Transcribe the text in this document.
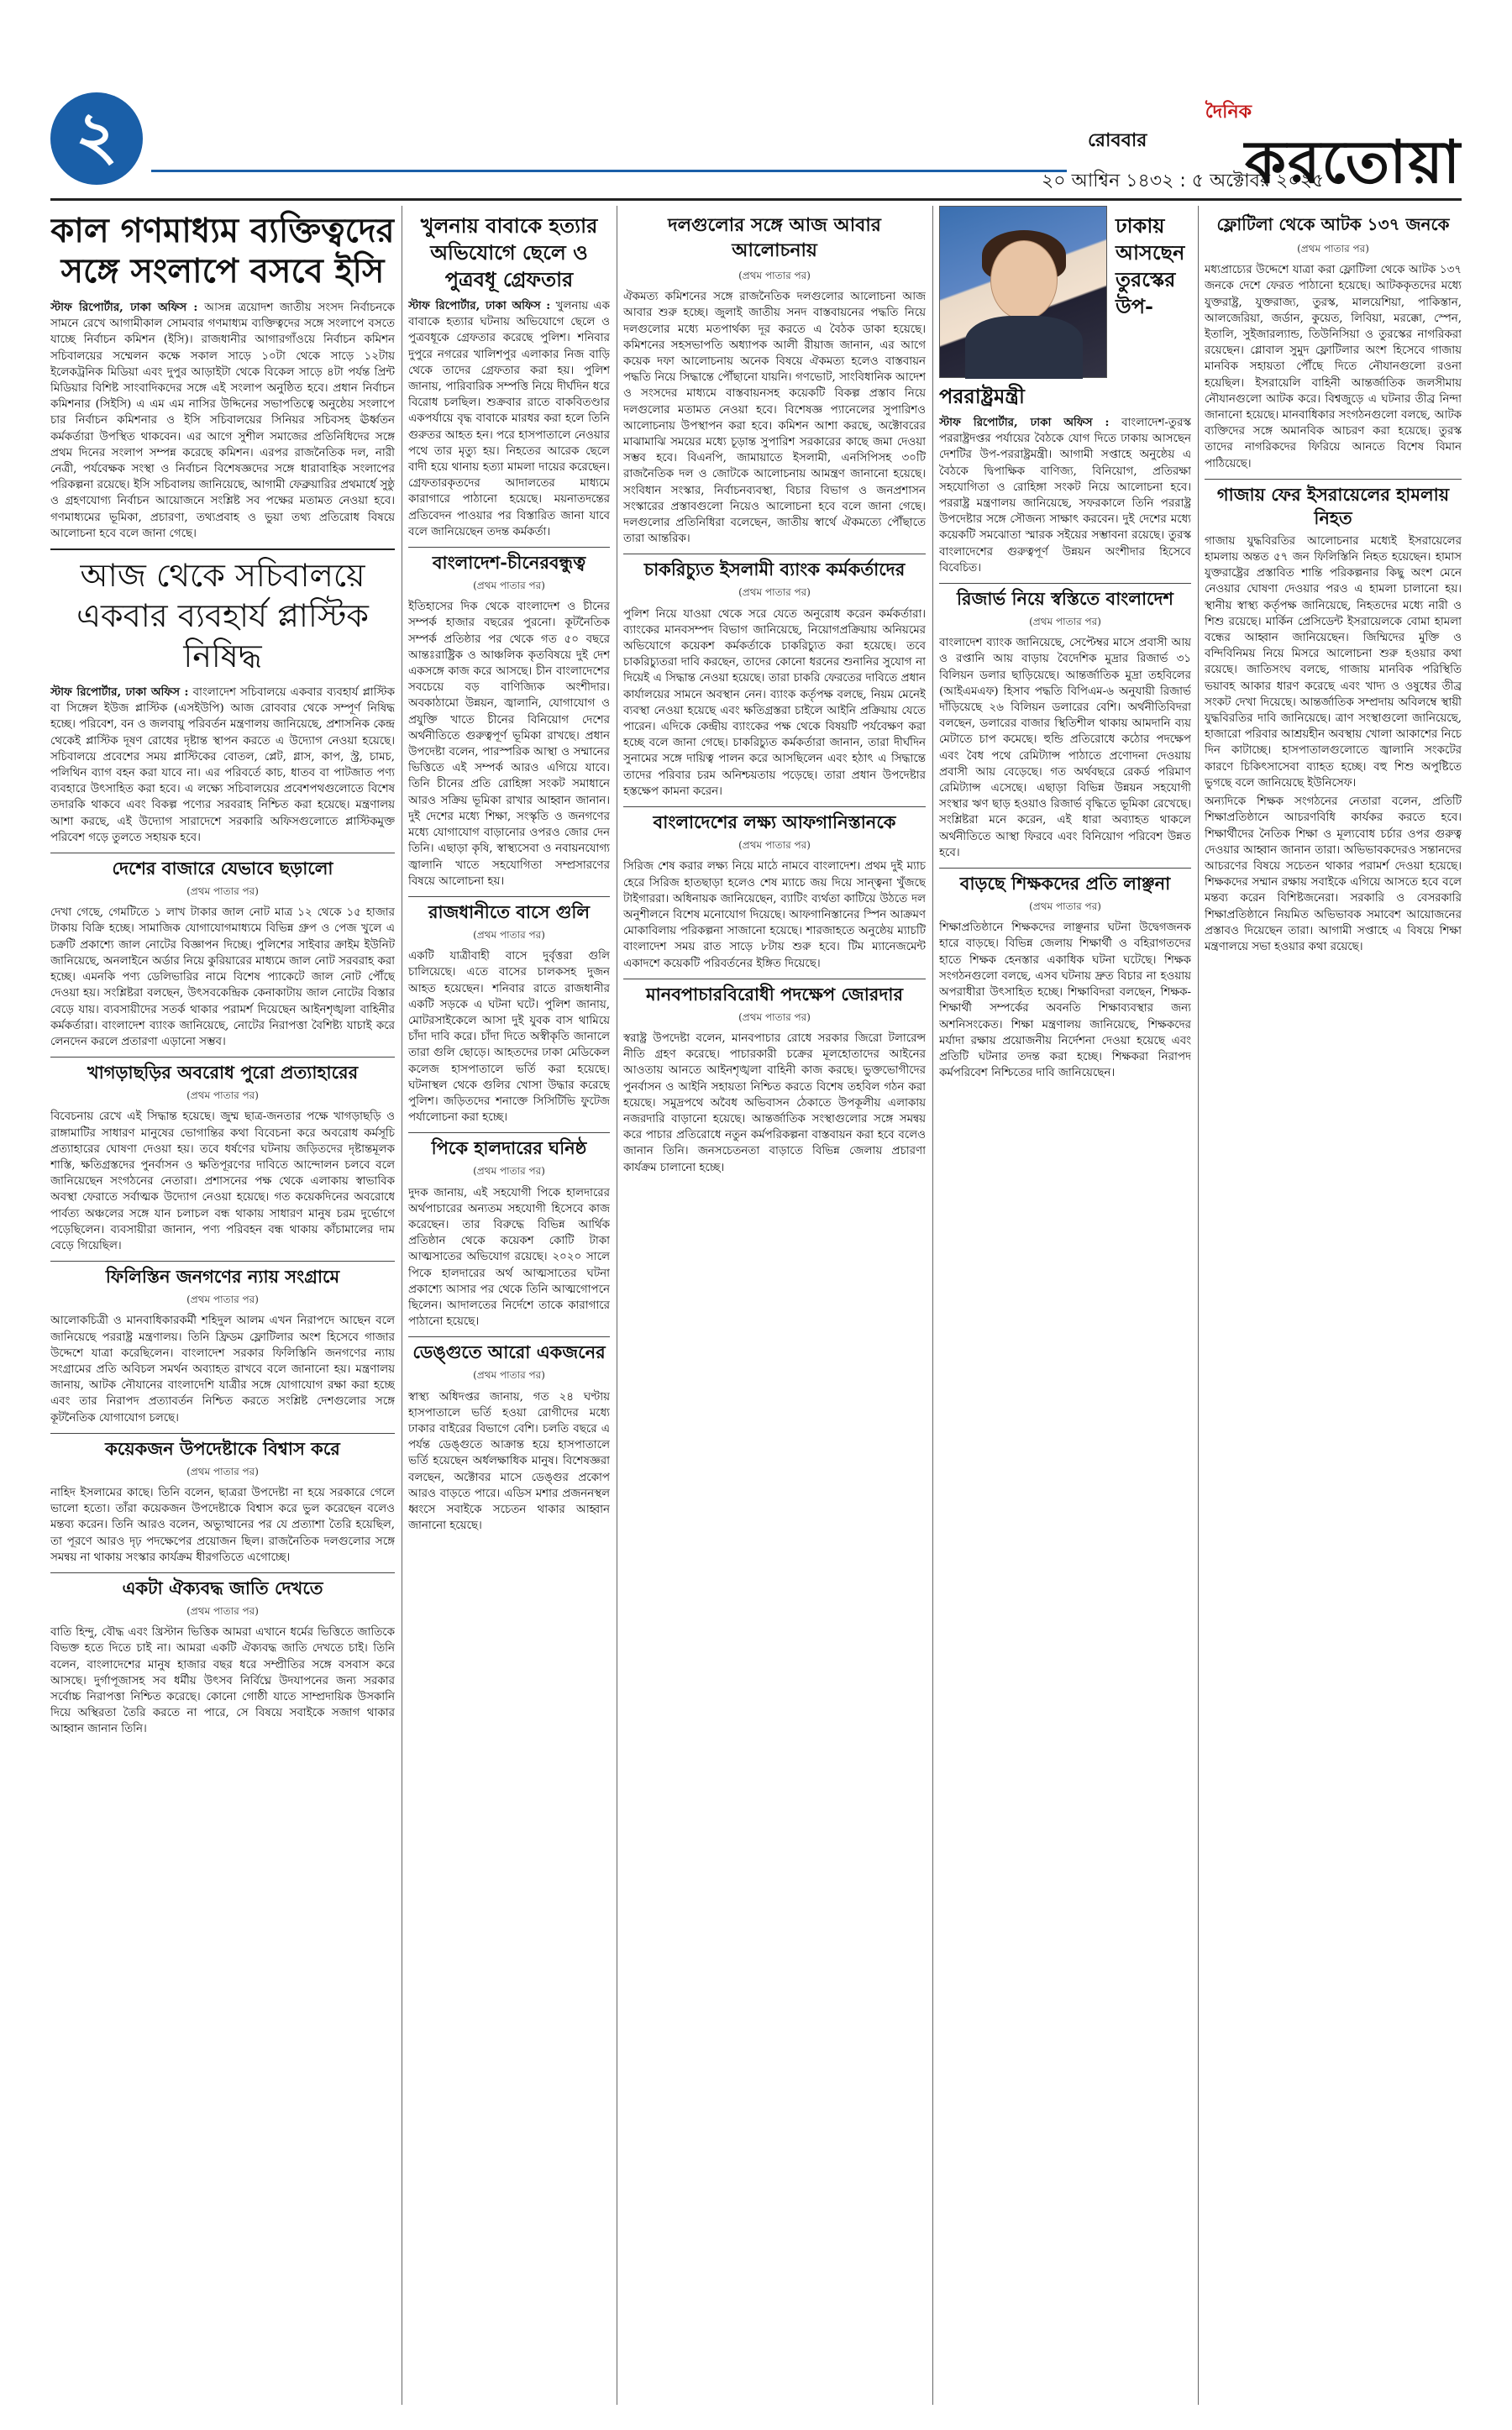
২	রোববার
২০ আশ্বিন ১৪৩২ : ৫ অক্টোবর ২০২৫
দৈনিক
করতোয়া
কাল গণমাধ্যম ব্যক্তিত্বদের সঙ্গে সংলাপে বসবে ইসি

স্টাফ রিপোর্টার, ঢাকা অফিস : আসন্ন ত্রয়োদশ জাতীয় সংসদ নির্বাচনকে সামনে রেখে আগামীকাল সোমবার গণমাধ্যম ব্যক্তিত্বদের সঙ্গে সংলাপে বসতে যাচ্ছে নির্বাচন কমিশন (ইসি)। রাজধানীর আগারগাঁওয়ে নির্বাচন কমিশন সচিবালয়ের সম্মেলন কক্ষে সকাল সাড়ে ১০টা থেকে সাড়ে ১২টায় ইলেকট্রনিক মিডিয়া এবং দুপুর আড়াইটা থেকে বিকেল সাড়ে ৪টা পর্যন্ত প্রিন্ট মিডিয়ার বিশিষ্ট সাংবাদিকদের সঙ্গে এই সংলাপ অনুষ্ঠিত হবে। প্রধান নির্বাচন কমিশনার (সিইসি) এ এম এম নাসির উদ্দিনের সভাপতিত্বে অনুষ্ঠেয় সংলাপে চার নির্বাচন কমিশনার ও ইসি সচিবালয়ের সিনিয়র সচিবসহ ঊর্ধ্বতন কর্মকর্তারা উপস্থিত থাকবেন। এর আগে সুশীল সমাজের প্রতিনিধিদের সঙ্গে প্রথম দিনের সংলাপ সম্পন্ন করেছে কমিশন। এরপর রাজনৈতিক দল, নারী নেত্রী, পর্যবেক্ষক সংস্থা ও নির্বাচন বিশেষজ্ঞদের সঙ্গে ধারাবাহিক সংলাপের পরিকল্পনা রয়েছে। ইসি সচিবালয় জানিয়েছে, আগামী ফেব্রুয়ারির প্রথমার্ধে সুষ্ঠু ও গ্রহণযোগ্য নির্বাচন আয়োজনে সংশ্লিষ্ট সব পক্ষের মতামত নেওয়া হবে। গণমাধ্যমের ভূমিকা, প্রচারণা, তথ্যপ্রবাহ ও ভুয়া তথ্য প্রতিরোধ বিষয়ে আলোচনা হবে বলে জানা গেছে।

আজ থেকে সচিবালয়ে একবার ব্যবহার্য প্লাস্টিক নিষিদ্ধ

স্টাফ রিপোর্টার, ঢাকা অফিস : বাংলাদেশ সচিবালয়ে একবার ব্যবহার্য প্লাস্টিক বা সিঙ্গেল ইউজ প্লাস্টিক (এসইউপি) আজ রোববার থেকে সম্পূর্ণ নিষিদ্ধ হচ্ছে। পরিবেশ, বন ও জলবায়ু পরিবর্তন মন্ত্রণালয় জানিয়েছে, প্রশাসনিক কেন্দ্র থেকেই প্লাস্টিক দূষণ রোধের দৃষ্টান্ত স্থাপন করতে এ উদ্যোগ নেওয়া হয়েছে। সচিবালয়ে প্রবেশের সময় প্লাস্টিকের বোতল, প্লেট, গ্লাস, কাপ, স্ট্র, চামচ, পলিথিন ব্যাগ বহন করা যাবে না। এর পরিবর্তে কাচ, ধাতব বা পাটজাত পণ্য ব্যবহারে উৎসাহিত করা হবে। এ লক্ষ্যে সচিবালয়ের প্রবেশপথগুলোতে বিশেষ তদারকি থাকবে এবং বিকল্প পণ্যের সরবরাহ নিশ্চিত করা হয়েছে। মন্ত্রণালয় আশা করছে, এই উদ্যোগ সারাদেশে সরকারি অফিসগুলোতে প্লাস্টিকমুক্ত পরিবেশ গড়ে তুলতে সহায়ক হবে।

দেশের বাজারে যেভাবে ছড়ালো

(প্রথম পাতার পর)

দেখা গেছে, গেমটিতে ১ লাখ টাকার জাল নোট মাত্র ১২ থেকে ১৫ হাজার টাকায় বিক্রি হচ্ছে। সামাজিক যোগাযোগমাধ্যমে বিভিন্ন গ্রুপ ও পেজ খুলে এ চক্রটি প্রকাশ্যে জাল নোটের বিজ্ঞাপন দিচ্ছে। পুলিশের সাইবার ক্রাইম ইউনিট জানিয়েছে, অনলাইনে অর্ডার নিয়ে কুরিয়ারের মাধ্যমে জাল নোট সরবরাহ করা হচ্ছে। এমনকি পণ্য ডেলিভারির নামে বিশেষ প্যাকেটে জাল নোট পৌঁছে দেওয়া হয়। সংশ্লিষ্টরা বলছেন, উৎসবকেন্দ্রিক কেনাকাটায় জাল নোটের বিস্তার বেড়ে যায়। ব্যবসায়ীদের সতর্ক থাকার পরামর্শ দিয়েছেন আইনশৃঙ্খলা বাহিনীর কর্মকর্তারা। বাংলাদেশ ব্যাংক জানিয়েছে, নোটের নিরাপত্তা বৈশিষ্ট্য যাচাই করে লেনদেন করলে প্রতারণা এড়ানো সম্ভব।

খাগড়াছড়ির অবরোধ পুরো প্রত্যাহারের

(প্রথম পাতার পর)

বিবেচনায় রেখে এই সিদ্ধান্ত হয়েছে। জুম্ম ছাত্র-জনতার পক্ষে খাগড়াছড়ি ও রাঙ্গামাটির সাধারণ মানুষের ভোগান্তির কথা বিবেচনা করে অবরোধ কর্মসূচি প্রত্যাহারের ঘোষণা দেওয়া হয়। তবে ধর্ষণের ঘটনায় জড়িতদের দৃষ্টান্তমূলক শাস্তি, ক্ষতিগ্রস্তদের পুনর্বাসন ও ক্ষতিপূরণের দাবিতে আন্দোলন চলবে বলে জানিয়েছেন সংগঠনের নেতারা। প্রশাসনের পক্ষ থেকে এলাকায় স্বাভাবিক অবস্থা ফেরাতে সর্বাত্মক উদ্যোগ নেওয়া হয়েছে। গত কয়েকদিনের অবরোধে পার্বত্য অঞ্চলের সঙ্গে যান চলাচল বন্ধ থাকায় সাধারণ মানুষ চরম দুর্ভোগে পড়েছিলেন। ব্যবসায়ীরা জানান, পণ্য পরিবহন বন্ধ থাকায় কাঁচামালের দাম বেড়ে গিয়েছিল।

ফিলিস্তিন জনগণের ন্যায় সংগ্রামে

(প্রথম পাতার পর)

আলোকচিত্রী ও মানবাধিকারকর্মী শহিদুল আলম এখন নিরাপদে আছেন বলে জানিয়েছে পররাষ্ট্র মন্ত্রণালয়। তিনি ফ্রিডম ফ্লোটিলার অংশ হিসেবে গাজার উদ্দেশে যাত্রা করেছিলেন। বাংলাদেশ সরকার ফিলিস্তিনি জনগণের ন্যায় সংগ্রামের প্রতি অবিচল সমর্থন অব্যাহত রাখবে বলে জানানো হয়। মন্ত্রণালয় জানায়, আটক নৌযানের বাংলাদেশি যাত্রীর সঙ্গে যোগাযোগ রক্ষা করা হচ্ছে এবং তার নিরাপদ প্রত্যাবর্তন নিশ্চিত করতে সংশ্লিষ্ট দেশগুলোর সঙ্গে কূটনৈতিক যোগাযোগ চলছে।

কয়েকজন উপদেষ্টাকে বিশ্বাস করে

(প্রথম পাতার পর)

নাহিদ ইসলামের কাছে। তিনি বলেন, ছাত্ররা উপদেষ্টা না হয়ে সরকারে গেলে ভালো হতো। তাঁরা কয়েকজন উপদেষ্টাকে বিশ্বাস করে ভুল করেছেন বলেও মন্তব্য করেন। তিনি আরও বলেন, অভ্যুত্থানের পর যে প্রত্যাশা তৈরি হয়েছিল, তা পূরণে আরও দৃঢ় পদক্ষেপের প্রয়োজন ছিল। রাজনৈতিক দলগুলোর সঙ্গে সমন্বয় না থাকায় সংস্কার কার্যক্রম ধীরগতিতে এগোচ্ছে।

একটা ঐক্যবদ্ধ জাতি দেখতে

(প্রথম পাতার পর)

বাতি হিন্দু, বৌদ্ধ এবং খ্রিস্টান ভিত্তিক আমরা এখানে ধর্মের ভিত্তিতে জাতিকে বিভক্ত হতে দিতে চাই না। আমরা একটি ঐক্যবদ্ধ জাতি দেখতে চাই। তিনি বলেন, বাংলাদেশের মানুষ হাজার বছর ধরে সম্প্রীতির সঙ্গে বসবাস করে আসছে। দুর্গাপূজাসহ সব ধর্মীয় উৎসব নির্বিঘ্নে উদযাপনের জন্য সরকার সর্বোচ্চ নিরাপত্তা নিশ্চিত করেছে। কোনো গোষ্ঠী যাতে সাম্প্রদায়িক উসকানি দিয়ে অস্থিরতা তৈরি করতে না পারে, সে বিষয়ে সবাইকে সজাগ থাকার আহ্বান জানান তিনি।

খুলনায় বাবাকে হত্যার অভিযোগে ছেলে ও পুত্রবধূ গ্রেফতার

স্টাফ রিপোর্টার, ঢাকা অফিস : খুলনায় এক বাবাকে হত্যার ঘটনায় অভিযোগে ছেলে ও পুত্রবধূকে গ্রেফতার করেছে পুলিশ। শনিবার দুপুরে নগরের খালিশপুর এলাকার নিজ বাড়ি থেকে তাদের গ্রেফতার করা হয়। পুলিশ জানায়, পারিবারিক সম্পত্তি নিয়ে দীর্ঘদিন ধরে বিরোধ চলছিল। শুক্রবার রাতে বাকবিতণ্ডার একপর্যায়ে বৃদ্ধ বাবাকে মারধর করা হলে তিনি গুরুতর আহত হন। পরে হাসপাতালে নেওয়ার পথে তার মৃত্যু হয়। নিহতের আরেক ছেলে বাদী হয়ে থানায় হত্যা মামলা দায়ের করেছেন। গ্রেফতারকৃতদের আদালতের মাধ্যমে কারাগারে পাঠানো হয়েছে। ময়নাতদন্তের প্রতিবেদন পাওয়ার পর বিস্তারিত জানা যাবে বলে জানিয়েছেন তদন্ত কর্মকর্তা।

বাংলাদেশ-চীনেরবন্ধুত্ব

(প্রথম পাতার পর)

ইতিহাসের দিক থেকে বাংলাদেশ ও চীনের সম্পর্ক হাজার বছরের পুরনো। কূটনৈতিক সম্পর্ক প্রতিষ্ঠার পর থেকে গত ৫০ বছরে আন্তঃরাষ্ট্রিক ও আঞ্চলিক কৃতবিষয়ে দুই দেশ একসঙ্গে কাজ করে আসছে। চীন বাংলাদেশের সবচেয়ে বড় বাণিজ্যিক অংশীদার। অবকাঠামো উন্নয়ন, জ্বালানি, যোগাযোগ ও প্রযুক্তি খাতে চীনের বিনিয়োগ দেশের অর্থনীতিতে গুরুত্বপূর্ণ ভূমিকা রাখছে। প্রধান উপদেষ্টা বলেন, পারস্পরিক আস্থা ও সম্মানের ভিত্তিতে এই সম্পর্ক আরও এগিয়ে যাবে। তিনি চীনের প্রতি রোহিঙ্গা সংকট সমাধানে আরও সক্রিয় ভূমিকা রাখার আহ্বান জানান। দুই দেশের মধ্যে শিক্ষা, সংস্কৃতি ও জনগণের মধ্যে যোগাযোগ বাড়ানোর ওপরও জোর দেন তিনি। এছাড়া কৃষি, স্বাস্থ্যসেবা ও নবায়নযোগ্য জ্বালানি খাতে সহযোগিতা সম্প্রসারণের বিষয়ে আলোচনা হয়।

রাজধানীতে বাসে গুলি

(প্রথম পাতার পর)

একটি যাত্রীবাহী বাসে দুর্বৃত্তরা গুলি চালিয়েছে। এতে বাসের চালকসহ দুজন আহত হয়েছেন। শনিবার রাতে রাজধানীর একটি সড়কে এ ঘটনা ঘটে। পুলিশ জানায়, মোটরসাইকেলে আসা দুই যুবক বাস থামিয়ে চাঁদা দাবি করে। চাঁদা দিতে অস্বীকৃতি জানালে তারা গুলি ছোড়ে। আহতদের ঢাকা মেডিকেল কলেজ হাসপাতালে ভর্তি করা হয়েছে। ঘটনাস্থল থেকে গুলির খোসা উদ্ধার করেছে পুলিশ। জড়িতদের শনাক্তে সিসিটিভি ফুটেজ পর্যালোচনা করা হচ্ছে।

পিকে হালদারের ঘনিষ্ঠ

(প্রথম পাতার পর)

দুদক জানায়, এই সহযোগী পিকে হালদারের অর্থপাচারের অন্যতম সহযোগী হিসেবে কাজ করেছেন। তার বিরুদ্ধে বিভিন্ন আর্থিক প্রতিষ্ঠান থেকে কয়েকশ কোটি টাকা আত্মসাতের অভিযোগ রয়েছে। ২০২০ সালে পিকে হালদারের অর্থ আত্মসাতের ঘটনা প্রকাশ্যে আসার পর থেকে তিনি আত্মগোপনে ছিলেন। আদালতের নির্দেশে তাকে কারাগারে পাঠানো হয়েছে।

ডেঙ্গুতে আরো একজনের

(প্রথম পাতার পর)

স্বাস্থ্য অধিদপ্তর জানায়, গত ২৪ ঘণ্টায় হাসপাতালে ভর্তি হওয়া রোগীদের মধ্যে ঢাকার বাইরের বিভাগে বেশি। চলতি বছরে এ পর্যন্ত ডেঙ্গুতে আক্রান্ত হয়ে হাসপাতালে ভর্তি হয়েছেন অর্ধলক্ষাধিক মানুষ। বিশেষজ্ঞরা বলছেন, অক্টোবর মাসে ডেঙ্গুর প্রকোপ আরও বাড়তে পারে। এডিস মশার প্রজননস্থল ধ্বংসে সবাইকে সচেতন থাকার আহ্বান জানানো হয়েছে।

দলগুলোর সঙ্গে আজ আবার আলোচনায়

(প্রথম পাতার পর)

ঐকমত্য কমিশনের সঙ্গে রাজনৈতিক দলগুলোর আলোচনা আজ আবার শুরু হচ্ছে। জুলাই জাতীয় সনদ বাস্তবায়নের পদ্ধতি নিয়ে দলগুলোর মধ্যে মতপার্থক্য দূর করতে এ বৈঠক ডাকা হয়েছে। কমিশনের সহসভাপতি অধ্যাপক আলী রীয়াজ জানান, এর আগে কয়েক দফা আলোচনায় অনেক বিষয়ে ঐকমত্য হলেও বাস্তবায়ন পদ্ধতি নিয়ে সিদ্ধান্তে পৌঁছানো যায়নি। গণভোট, সাংবিধানিক আদেশ ও সংসদের মাধ্যমে বাস্তবায়নসহ কয়েকটি বিকল্প প্রস্তাব নিয়ে দলগুলোর মতামত নেওয়া হবে। বিশেষজ্ঞ প্যানেলের সুপারিশও আলোচনায় উপস্থাপন করা হবে। কমিশন আশা করছে, অক্টোবরের মাঝামাঝি সময়ের মধ্যে চূড়ান্ত সুপারিশ সরকারের কাছে জমা দেওয়া সম্ভব হবে। বিএনপি, জামায়াতে ইসলামী, এনসিপিসহ ৩০টি রাজনৈতিক দল ও জোটকে আলোচনায় আমন্ত্রণ জানানো হয়েছে। সংবিধান সংস্কার, নির্বাচনব্যবস্থা, বিচার বিভাগ ও জনপ্রশাসন সংস্কারের প্রস্তাবগুলো নিয়েও আলোচনা হবে বলে জানা গেছে। দলগুলোর প্রতিনিধিরা বলেছেন, জাতীয় স্বার্থে ঐকমত্যে পৌঁছাতে তারা আন্তরিক।

চাকরিচ্যুত ইসলামী ব্যাংক কর্মকর্তাদের

(প্রথম পাতার পর)

পুলিশ নিয়ে যাওয়া থেকে সরে যেতে অনুরোধ করেন কর্মকর্তারা। ব্যাংকের মানবসম্পদ বিভাগ জানিয়েছে, নিয়োগপ্রক্রিয়ায় অনিয়মের অভিযোগে কয়েকশ কর্মকর্তাকে চাকরিচ্যুত করা হয়েছে। তবে চাকরিচ্যুতরা দাবি করছেন, তাদের কোনো ধরনের শুনানির সুযোগ না দিয়েই এ সিদ্ধান্ত নেওয়া হয়েছে। তারা চাকরি ফেরতের দাবিতে প্রধান কার্যালয়ের সামনে অবস্থান নেন। ব্যাংক কর্তৃপক্ষ বলছে, নিয়ম মেনেই ব্যবস্থা নেওয়া হয়েছে এবং ক্ষতিগ্রস্তরা চাইলে আইনি প্রক্রিয়ায় যেতে পারেন। এদিকে কেন্দ্রীয় ব্যাংকের পক্ষ থেকে বিষয়টি পর্যবেক্ষণ করা হচ্ছে বলে জানা গেছে। চাকরিচ্যুত কর্মকর্তারা জানান, তারা দীর্ঘদিন সুনামের সঙ্গে দায়িত্ব পালন করে আসছিলেন এবং হঠাৎ এ সিদ্ধান্তে তাদের পরিবার চরম অনিশ্চয়তায় পড়েছে। তারা প্রধান উপদেষ্টার হস্তক্ষেপ কামনা করেন।

বাংলাদেশের লক্ষ্য আফগানিস্তানকে

(প্রথম পাতার পর)

সিরিজ শেষ করার লক্ষ্য নিয়ে মাঠে নামবে বাংলাদেশ। প্রথম দুই ম্যাচ হেরে সিরিজ হাতছাড়া হলেও শেষ ম্যাচে জয় দিয়ে সান্ত্বনা খুঁজছে টাইগাররা। অধিনায়ক জানিয়েছেন, ব্যাটিং ব্যর্থতা কাটিয়ে উঠতে দল অনুশীলনে বিশেষ মনোযোগ দিয়েছে। আফগানিস্তানের স্পিন আক্রমণ মোকাবিলায় পরিকল্পনা সাজানো হয়েছে। শারজাহতে অনুষ্ঠেয় ম্যাচটি বাংলাদেশ সময় রাত সাড়ে ৮টায় শুরু হবে। টিম ম্যানেজমেন্ট একাদশে কয়েকটি পরিবর্তনের ইঙ্গিত দিয়েছে।

মানবপাচারবিরোধী পদক্ষেপ জোরদার

(প্রথম পাতার পর)

স্বরাষ্ট্র উপদেষ্টা বলেন, মানবপাচার রোধে সরকার জিরো টলারেন্স নীতি গ্রহণ করেছে। পাচারকারী চক্রের মূলহোতাদের আইনের আওতায় আনতে আইনশৃঙ্খলা বাহিনী কাজ করছে। ভুক্তভোগীদের পুনর্বাসন ও আইনি সহায়তা নিশ্চিত করতে বিশেষ তহবিল গঠন করা হয়েছে। সমুদ্রপথে অবৈধ অভিবাসন ঠেকাতে উপকূলীয় এলাকায় নজরদারি বাড়ানো হয়েছে। আন্তর্জাতিক সংস্থাগুলোর সঙ্গে সমন্বয় করে পাচার প্রতিরোধে নতুন কর্মপরিকল্পনা বাস্তবায়ন করা হবে বলেও জানান তিনি। জনসচেতনতা বাড়াতে বিভিন্ন জেলায় প্রচারণা কার্যক্রম চালানো হচ্ছে।

ঢাকায় আসছেন তুরস্কের উপ-পররাষ্ট্রমন্ত্রী

স্টাফ রিপোর্টার, ঢাকা অফিস : বাংলাদেশ-তুরস্ক পররাষ্ট্রদপ্তর পর্যায়ের বৈঠকে যোগ দিতে ঢাকায় আসছেন দেশটির উপ-পররাষ্ট্রমন্ত্রী। আগামী সপ্তাহে অনুষ্ঠেয় এ বৈঠকে দ্বিপাক্ষিক বাণিজ্য, বিনিয়োগ, প্রতিরক্ষা সহযোগিতা ও রোহিঙ্গা সংকট নিয়ে আলোচনা হবে। পররাষ্ট্র মন্ত্রণালয় জানিয়েছে, সফরকালে তিনি পররাষ্ট্র উপদেষ্টার সঙ্গে সৌজন্য সাক্ষাৎ করবেন। দুই দেশের মধ্যে কয়েকটি সমঝোতা স্মারক সইয়ের সম্ভাবনা রয়েছে। তুরস্ক বাংলাদেশের গুরুত্বপূর্ণ উন্নয়ন অংশীদার হিসেবে বিবেচিত।

রিজার্ভ নিয়ে স্বস্তিতে বাংলাদেশ

(প্রথম পাতার পর)

বাংলাদেশ ব্যাংক জানিয়েছে, সেপ্টেম্বর মাসে প্রবাসী আয় ও রপ্তানি আয় বাড়ায় বৈদেশিক মুদ্রার রিজার্ভ ৩১ বিলিয়ন ডলার ছাড়িয়েছে। আন্তর্জাতিক মুদ্রা তহবিলের (আইএমএফ) হিসাব পদ্ধতি বিপিএম-৬ অনুযায়ী রিজার্ভ দাঁড়িয়েছে ২৬ বিলিয়ন ডলারের বেশি। অর্থনীতিবিদরা বলছেন, ডলারের বাজার স্থিতিশীল থাকায় আমদানি ব্যয় মেটাতে চাপ কমেছে। হুন্ডি প্রতিরোধে কঠোর পদক্ষেপ এবং বৈধ পথে রেমিট্যান্স পাঠাতে প্রণোদনা দেওয়ায় প্রবাসী আয় বেড়েছে। গত অর্থবছরে রেকর্ড পরিমাণ রেমিট্যান্স এসেছে। এছাড়া বিভিন্ন উন্নয়ন সহযোগী সংস্থার ঋণ ছাড় হওয়াও রিজার্ভ বৃদ্ধিতে ভূমিকা রেখেছে। সংশ্লিষ্টরা মনে করেন, এই ধারা অব্যাহত থাকলে অর্থনীতিতে আস্থা ফিরবে এবং বিনিয়োগ পরিবেশ উন্নত হবে।

বাড়ছে শিক্ষকদের প্রতি লাঞ্ছনা

(প্রথম পাতার পর)

শিক্ষাপ্রতিষ্ঠানে শিক্ষকদের লাঞ্ছনার ঘটনা উদ্বেগজনক হারে বাড়ছে। বিভিন্ন জেলায় শিক্ষার্থী ও বহিরাগতদের হাতে শিক্ষক হেনস্তার একাধিক ঘটনা ঘটেছে। শিক্ষক সংগঠনগুলো বলছে, এসব ঘটনায় দ্রুত বিচার না হওয়ায় অপরাধীরা উৎসাহিত হচ্ছে। শিক্ষাবিদরা বলছেন, শিক্ষক-শিক্ষার্থী সম্পর্কের অবনতি শিক্ষাব্যবস্থার জন্য অশনিসংকেত। শিক্ষা মন্ত্রণালয় জানিয়েছে, শিক্ষকদের মর্যাদা রক্ষায় প্রয়োজনীয় নির্দেশনা দেওয়া হয়েছে এবং প্রতিটি ঘটনার তদন্ত করা হচ্ছে। শিক্ষকরা নিরাপদ কর্মপরিবেশ নিশ্চিতের দাবি জানিয়েছেন।

ফ্লোটিলা থেকে আটক ১৩৭ জনকে

(প্রথম পাতার পর)

মধ্যপ্রাচ্যের উদ্দেশে যাত্রা করা ফ্লোটিলা থেকে আটক ১৩৭ জনকে দেশে ফেরত পাঠানো হয়েছে। আটককৃতদের মধ্যে যুক্তরাষ্ট্র, যুক্তরাজ্য, তুরস্ক, মালয়েশিয়া, পাকিস্তান, আলজেরিয়া, জর্ডান, কুয়েত, লিবিয়া, মরক্কো, স্পেন, ইতালি, সুইজারল্যান্ড, তিউনিসিয়া ও তুরস্কের নাগরিকরা রয়েছেন। গ্লোবাল সুমুদ ফ্লোটিলার অংশ হিসেবে গাজায় মানবিক সহায়তা পৌঁছে দিতে নৌযানগুলো রওনা হয়েছিল। ইসরায়েলি বাহিনী আন্তর্জাতিক জলসীমায় নৌযানগুলো আটক করে। বিশ্বজুড়ে এ ঘটনার তীব্র নিন্দা জানানো হয়েছে। মানবাধিকার সংগঠনগুলো বলছে, আটক ব্যক্তিদের সঙ্গে অমানবিক আচরণ করা হয়েছে। তুরস্ক তাদের নাগরিকদের ফিরিয়ে আনতে বিশেষ বিমান পাঠিয়েছে।

গাজায় ফের ইসরায়েলের হামলায় নিহত

গাজায় যুদ্ধবিরতির আলোচনার মধ্যেই ইসরায়েলের হামলায় অন্তত ৫৭ জন ফিলিস্তিনি নিহত হয়েছেন। হামাস যুক্তরাষ্ট্রের প্রস্তাবিত শান্তি পরিকল্পনার কিছু অংশ মেনে নেওয়ার ঘোষণা দেওয়ার পরও এ হামলা চালানো হয়। স্থানীয় স্বাস্থ্য কর্তৃপক্ষ জানিয়েছে, নিহতদের মধ্যে নারী ও শিশু রয়েছে। মার্কিন প্রেসিডেন্ট ইসরায়েলকে বোমা হামলা বন্ধের আহ্বান জানিয়েছেন। জিম্মিদের মুক্তি ও বন্দিবিনিময় নিয়ে মিসরে আলোচনা শুরু হওয়ার কথা রয়েছে। জাতিসংঘ বলছে, গাজায় মানবিক পরিস্থিতি ভয়াবহ আকার ধারণ করেছে এবং খাদ্য ও ওষুধের তীব্র সংকট দেখা দিয়েছে। আন্তর্জাতিক সম্প্রদায় অবিলম্বে স্থায়ী যুদ্ধবিরতির দাবি জানিয়েছে। ত্রাণ সংস্থাগুলো জানিয়েছে, হাজারো পরিবার আশ্রয়হীন অবস্থায় খোলা আকাশের নিচে দিন কাটাচ্ছে। হাসপাতালগুলোতে জ্বালানি সংকটের কারণে চিকিৎসাসেবা ব্যাহত হচ্ছে। বহু শিশু অপুষ্টিতে ভুগছে বলে জানিয়েছে ইউনিসেফ।

অন্যদিকে শিক্ষক সংগঠনের নেতারা বলেন, প্রতিটি শিক্ষাপ্রতিষ্ঠানে আচরণবিধি কার্যকর করতে হবে। শিক্ষার্থীদের নৈতিক শিক্ষা ও মূল্যবোধ চর্চার ওপর গুরুত্ব দেওয়ার আহ্বান জানান তারা। অভিভাবকদেরও সন্তানদের আচরণের বিষয়ে সচেতন থাকার পরামর্শ দেওয়া হয়েছে। শিক্ষকদের সম্মান রক্ষায় সবাইকে এগিয়ে আসতে হবে বলে মন্তব্য করেন বিশিষ্টজনেরা। সরকারি ও বেসরকারি শিক্ষাপ্রতিষ্ঠানে নিয়মিত অভিভাবক সমাবেশ আয়োজনের প্রস্তাবও দিয়েছেন তারা। আগামী সপ্তাহে এ বিষয়ে শিক্ষা মন্ত্রণালয়ে সভা হওয়ার কথা রয়েছে।
